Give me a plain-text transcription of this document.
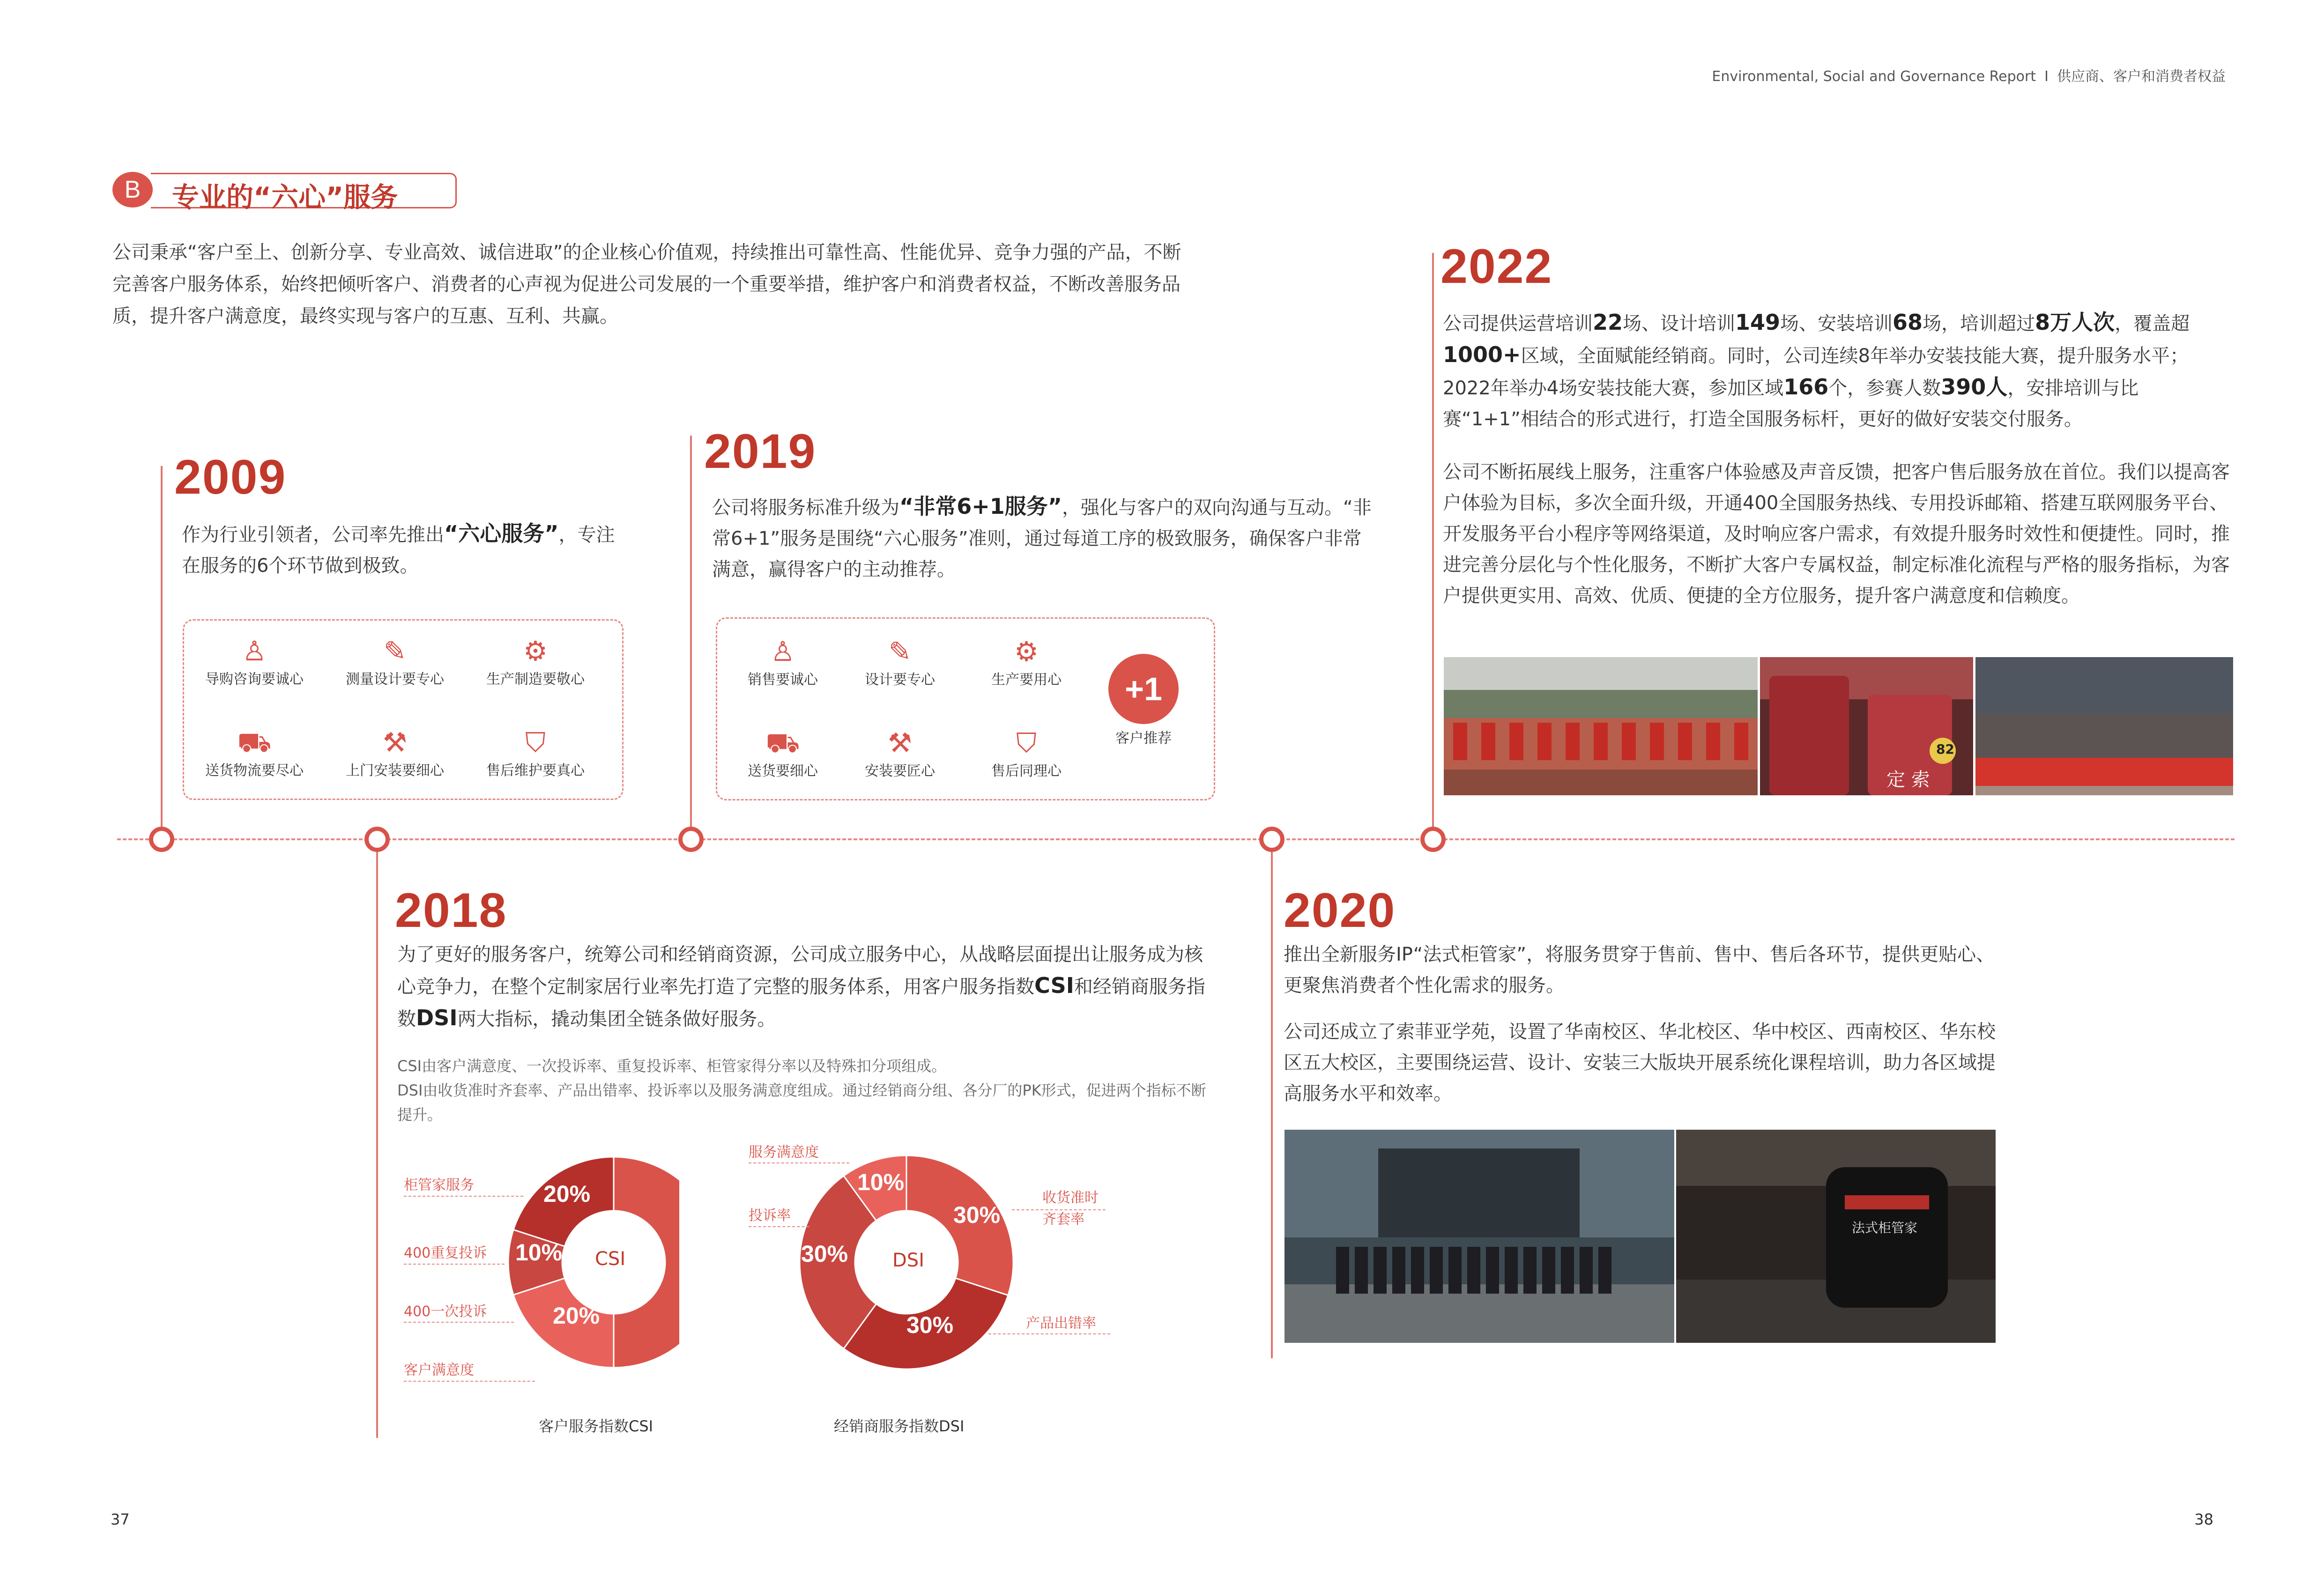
Environmental, Social and Governance Report I 供应商、客户和消费者权益
专业的“六心”服务
B
公司秉承“客户至上、创新分享、专业高效、诚信进取”的企业核心价值观，持续推出可靠性高、性能优异、竞争力强的产品，不断完善客户服务体系，始终把倾听客户、消费者的心声视为促进公司发展的一个重要举措，维护客户和消费者权益，不断改善服务品质，提升客户满意度，最终实现与客户的互惠、互利、共赢。
2009
作为行业引领者，公司率先推出“六心服务”，专注在服务的6个环节做到极致。
♙
导购咨询要诚心
✎
测量设计要专心
⚙
生产制造要敬心
⛟
送货物流要尽心
⚒
上门安装要细心
⛉
售后维护要真心
2019
公司将服务标准升级为“非常6+1服务”，强化与客户的双向沟通与互动。“非常6+1”服务是围绕“六心服务”准则，通过每道工序的极致服务，确保客户非常满意，赢得客户的主动推荐。
♙
销售要诚心
✎
设计要专心
⚙
生产要用心
⛟
送货要细心
⚒
安装要匠心
⛉
售后同理心
+1
客户推荐
2022
公司提供运营培训22场、设计培训149场、安装培训68场，培训超过8万人次，覆盖超1000+区域，全面赋能经销商。同时，公司连续8年举办安装技能大赛，提升服务水平；2022年举办4场安装技能大赛，参加区域166个，参赛人数390人，安排培训与比赛“1+1”相结合的形式进行，打造全国服务标杆，更好的做好安装交付服务。
公司不断拓展线上服务，注重客户体验感及声音反馈，把客户售后服务放在首位。我们以提高客户体验为目标，多次全面升级，开通400全国服务热线、专用投诉邮箱、搭建互联网服务平台、开发服务平台小程序等网络渠道，及时响应客户需求，有效提升服务时效性和便捷性。同时，推进完善分层化与个性化服务，不断扩大客户专属权益，制定标准化流程与严格的服务指标，为客户提供更实用、高效、优质、便捷的全方位服务，提升客户满意度和信赖度。
82
定 索
2018
为了更好的服务客户，统筹公司和经销商资源，公司成立服务中心，从战略层面提出让服务成为核心竞争力，在整个定制家居行业率先打造了完整的服务体系，用客户服务指数CSI和经销商服务指数DSI两大指标，撬动集团全链条做好服务。
CSI由客户满意度、一次投诉率、重复投诉率、柜管家得分率以及特殊扣分项组成。
DSI由收货准时齐套率、产品出错率、投诉率以及服务满意度组成。通过经销商分组、各分厂的PK形式，促进两个指标不断提升。
CSI
20%
10%
20%
柜管家服务
400重复投诉
400一次投诉
客户满意度
客户服务指数CSI
DSI
30%
30%
30%
10%
服务满意度
投诉率
收货准时齐套率
产品出错率
经销商服务指数DSI
2020
推出全新服务IP“法式柜管家”，将服务贯穿于售前、售中、售后各环节，提供更贴心、更聚焦消费者个性化需求的服务。
公司还成立了索菲亚学苑，设置了华南校区、华北校区、华中校区、西南校区、华东校区五大校区，主要围绕运营、设计、安装三大版块开展系统化课程培训，助力各区域提高服务水平和效率。
法式柜管家
37	38
